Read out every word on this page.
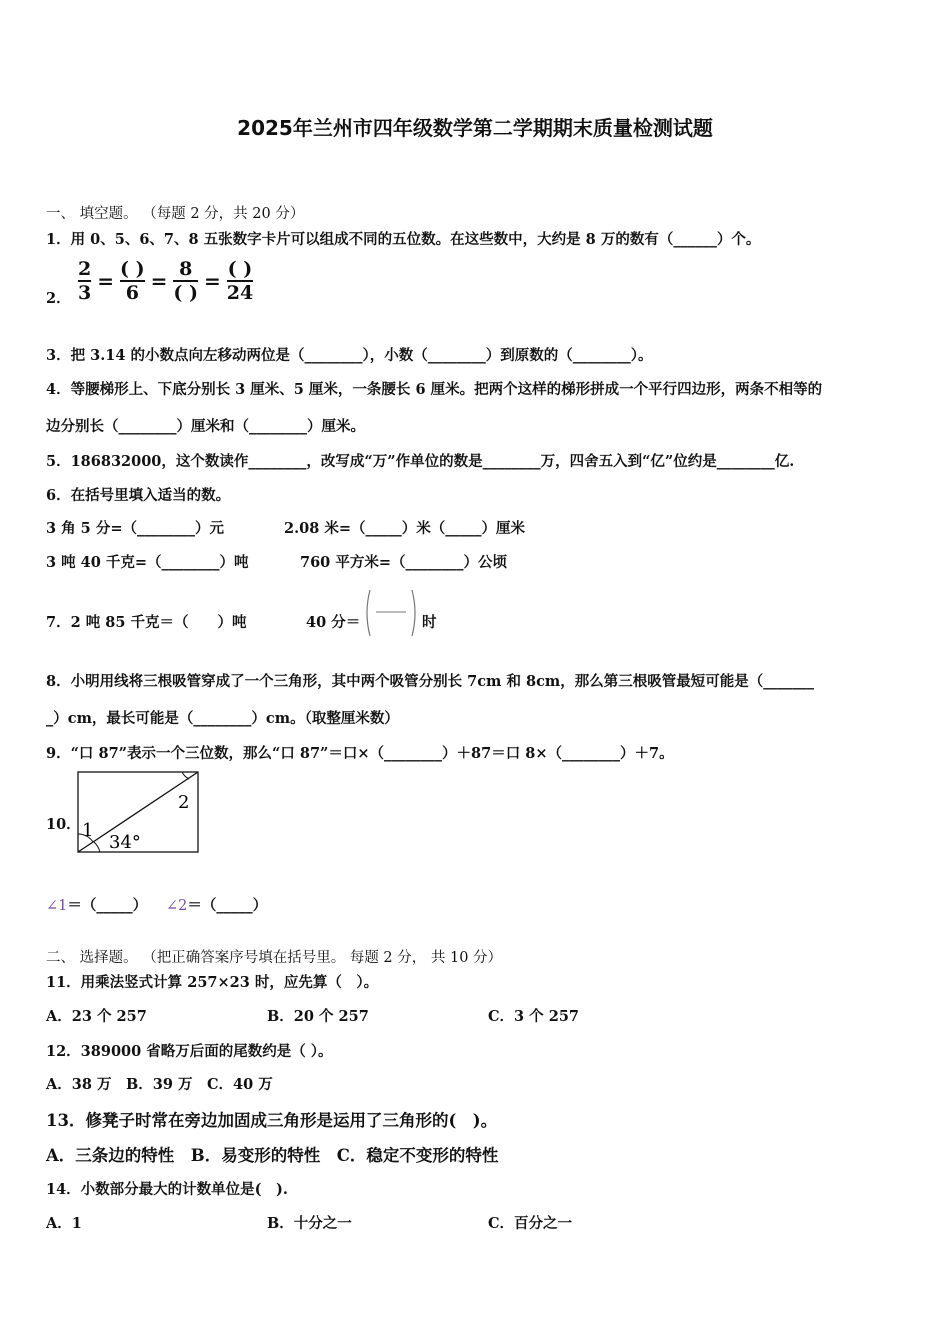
2025年兰州市四年级数学第二学期期末质量检测试题
一、 填空题。 （每题 2 分，共 20 分）
1．用 0、5、6、7、8 五张数字卡片可以组成不同的五位数。在这些数中，大约是 8 万的数有（______）个。
2．
2
3 = ( )
6 = 8
( ) = ( )
24
3．把 3.14 的小数点向左移动两位是（________），小数（________）到原数的（________）。
4．等腰梯形上、下底分别长 3 厘米、5 厘米，一条腰长 6 厘米。把两个这样的梯形拼成一个平行四边形，两条不相等的
边分别长（________）厘米和（________）厘米。
5．186832000，这个数读作________，改写成“万”作单位的数是________万，四舍五入到“亿”位约是________亿.
6．在括号里填入适当的数。
3 角 5 分=（________）元	2.08 米=（_____）米（_____）厘米
3 吨 40 千克=（________）吨	760 平方米=（________）公顷
7．2 吨 85 千克＝（　　）吨	40 分＝	时
8．小明用线将三根吸管穿成了一个三角形，其中两个吸管分别长 7cm 和 8cm，那么第三根吸管最短可能是（_______
_）cm，最长可能是（________）cm。（取整厘米数）
9．“口 87”表示一个三位数，那么“口 87”＝口×（________）＋87＝口 8×（________）＋7。
10． 1
2
34°
∠1＝（_____） ∠2＝（_____）
二、 选择题。 （把正确答案序号填在括号里。 每题 2 分， 共 10 分）
11．用乘法竖式计算 257×23 时，应先算（　）。
A．23 个 257	B．20 个 257	C．3 个 257
12．389000 省略万后面的尾数约是（ ）。
A．38 万　B．39 万　C．40 万
13．修凳子时常在旁边加固成三角形是运用了三角形的(　)。
A．三条边的特性　B．易变形的特性　C．稳定不变形的特性
14．小数部分最大的计数单位是(　).
A．1	B．十分之一	C．百分之一
